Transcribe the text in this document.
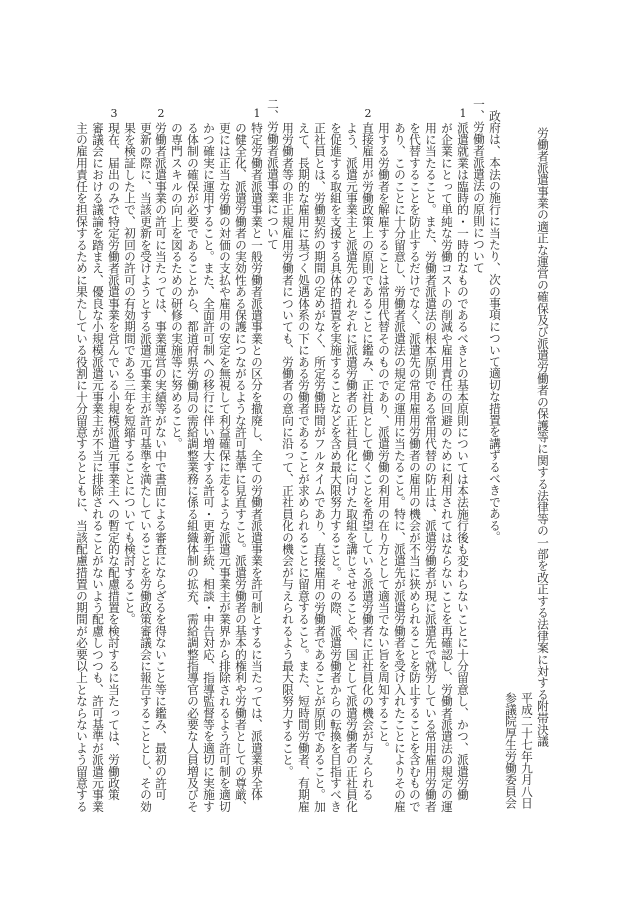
労働者派遣事業の適正な運営の確保及び派遣労働者の保護等に関する法律等の一部を改正する法律案に対する附帯決議
平成二十七年九月八日
参議院厚生労働委員会
政府は、本法の施行に当たり、次の事項について適切な措置を講ずるべきである。
一、労働者派遣法の原則について
1
派遣就業は臨時的・一時的なものであるべきとの基本原則については本法施行後も変わらないことに十分留意し、かつ、派遣労働
が企業にとって単純な労働コストの削減や雇用責任の回避のために利用されてはならないことを再確認し、労働者派遣法の規定の運
用に当たること。また、労働者派遣法の根本原則である常用代替の防止は、派遣労働者が現に派遣先で就労している常用雇用労働者
を代替することを防止するだけでなく、派遣先の常用雇用労働者の雇用の機会が不当に狭められることを防止することを含むもので
あり、このことに十分留意し、労働者派遣法の規定の運用に当たること。特に、派遣先が派遣労働者を受け入れたことによりその雇
用する労働者を解雇することは常用代替そのものであり、派遣労働の利用の在り方として適当でない旨を周知すること。
2
直接雇用が労働政策上の原則であることに鑑み、正社員として働くことを希望している派遣労働者に正社員化の機会が与えられる
よう、派遣元事業主と派遣先のそれぞれに派遣労働者の正社員化に向けた取組を講じさせることや、国として派遣労働者の正社員化
を促進する取組を支援する具体的措置を実施することなどを含め最大限努力すること。その際、派遣労働者からの転換を目指すべき
正社員とは、労働契約の期間の定めがなく、所定労働時間がフルタイムであり、直接雇用の労働者であることが原則であること。加
えて、長期的な雇用に基づく処遇体系の下にある労働者であることが求められることに留意すること。また、短時間労働者、有期雇
用労働者等の非正規雇用労働者についても、労働者の意向に沿って、正社員化の機会が与えられるよう最大限努力すること。
二、労働者派遣事業について
1
特定労働者派遣事業と一般労働者派遣事業との区分を撤廃し、全ての労働者派遣事業を許可制とするに当たっては、派遣業界全体
の健全化、派遣労働者の実効性ある保護につながるような許可基準に見直すこと。派遣労働者の基本的権利や労働者としての尊厳、
更には正当な労働の対価の支払や雇用の安定を無視して利益確保に走るような派遣元事業主が業界から排除されるよう許可制を適切
かつ確実に運用すること。また、全面許可制への移行に伴い増大する許可・更新手続、相談・申告対応、指導監督等を適切に実施す
る体制の確保が必要であることから、都道府県労働局の需給調整業務に係る組織体制の拡充、需給調整指導官の必要な人員増及びそ
の専門スキルの向上を図るための研修の実施等に努めること。
2
労働者派遣事業の許可に当たっては、事業運営の実績等がない中で書面による審査にならざるを得ないこと等に鑑み、最初の許可
更新の際に、当該更新を受けようとする派遣元事業主が許可基準を満たしていることを労働政策審議会に報告することとし、その効
果を検証した上で、初回の許可の有効期間である三年を短縮することについても検討すること。
3
現在、届出のみで特定労働者派遣事業を営んでいる小規模派遣元事業主への暫定的な配慮措置を検討するに当たっては、労働政策
審議会における議論を踏まえ、優良な小規模派遣元事業主が不当に排除されることがないよう配慮しつつも、許可基準が派遣元事業
主の雇用責任を担保するために果たしている役割に十分留意するとともに、当該配慮措置の期間が必要以上とならないよう留意する
